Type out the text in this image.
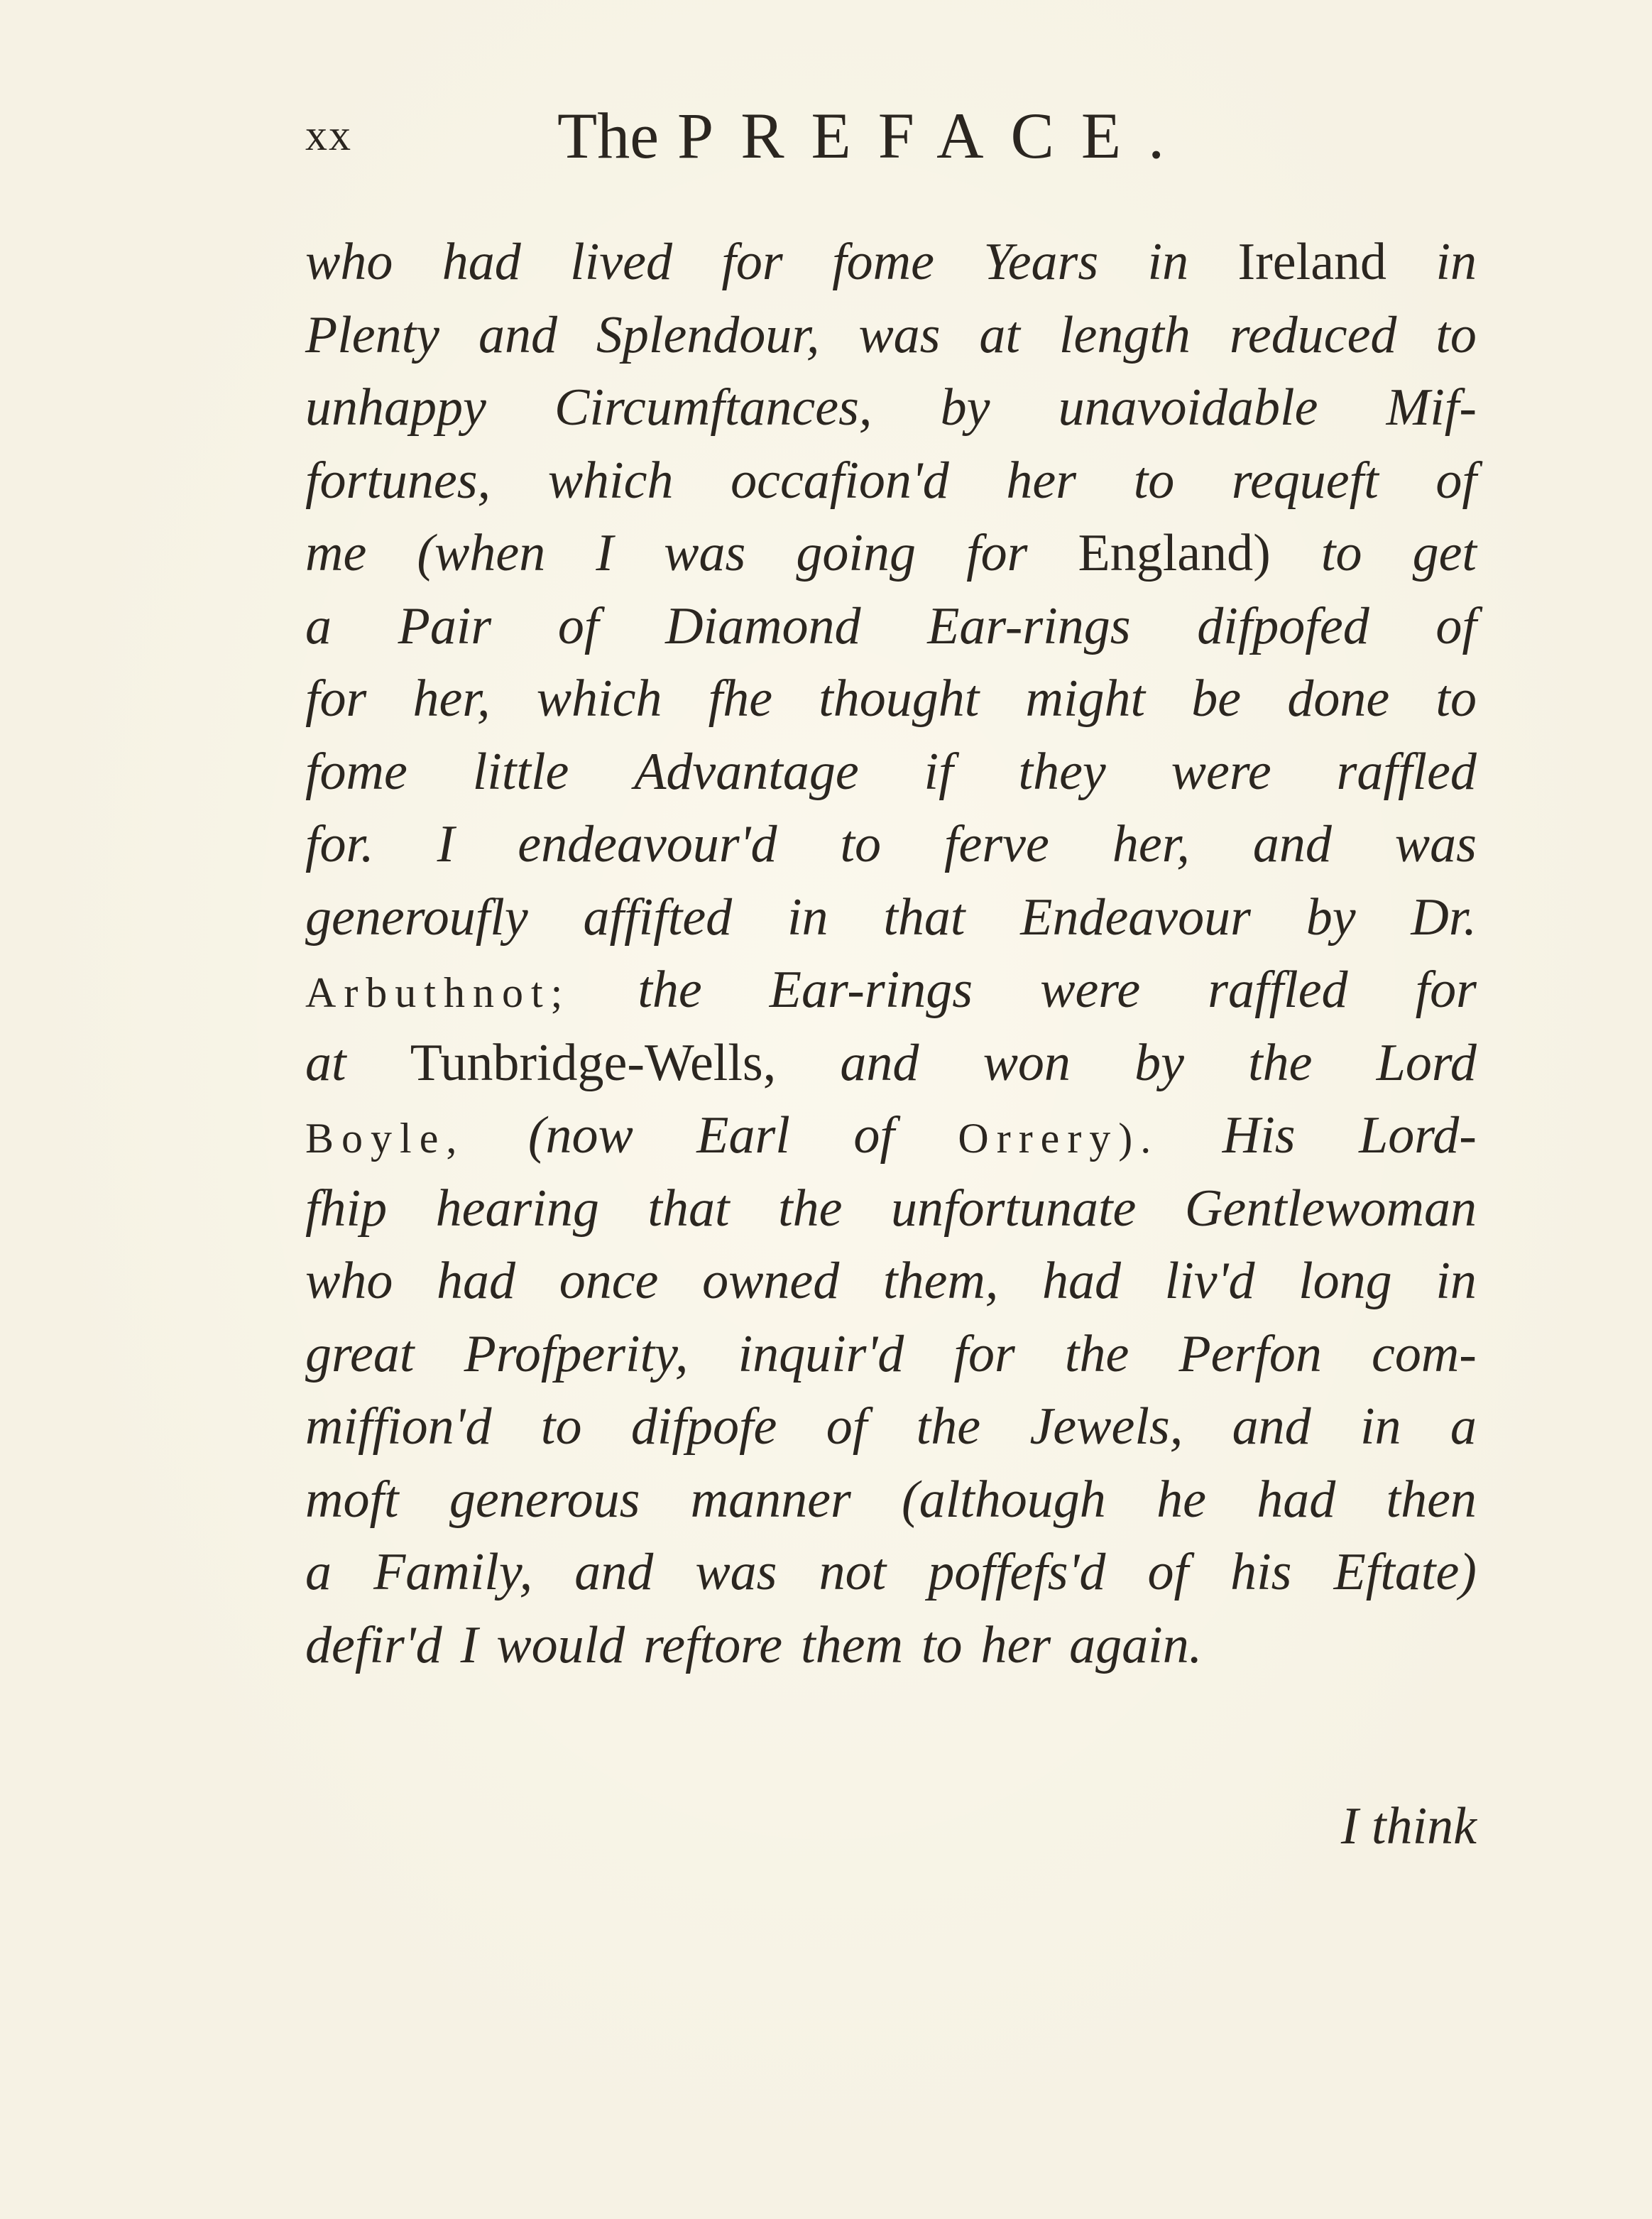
xx	The PREFACE.
who had lived for fome Years in Ireland in
Plenty and Splendour, was at length reduced to
unhappy Circumftances, by unavoidable Mif-
fortunes, which occafion'd her to requeft of
me (when I was going for England) to get
a Pair of Diamond Ear-rings difpofed of
for her, which fhe thought might be done to
fome little Advantage if they were raffled
for. I endeavour'd to ferve her, and was
generoufly affifted in that Endeavour by Dr.
Arbuthnot; the Ear-rings were raffled for
at Tunbridge-Wells, and won by the Lord
Boyle, (now Earl of Orrery). His Lord-
fhip hearing that the unfortunate Gentlewoman
who had once owned them, had liv'd long in
great Profperity, inquir'd for the Perfon com-
miffion'd to difpofe of the Jewels, and in a
moft generous manner (although he had then
a Family, and was not poffefs'd of his Eftate)
defir'd I would reftore them to her again.
I think
